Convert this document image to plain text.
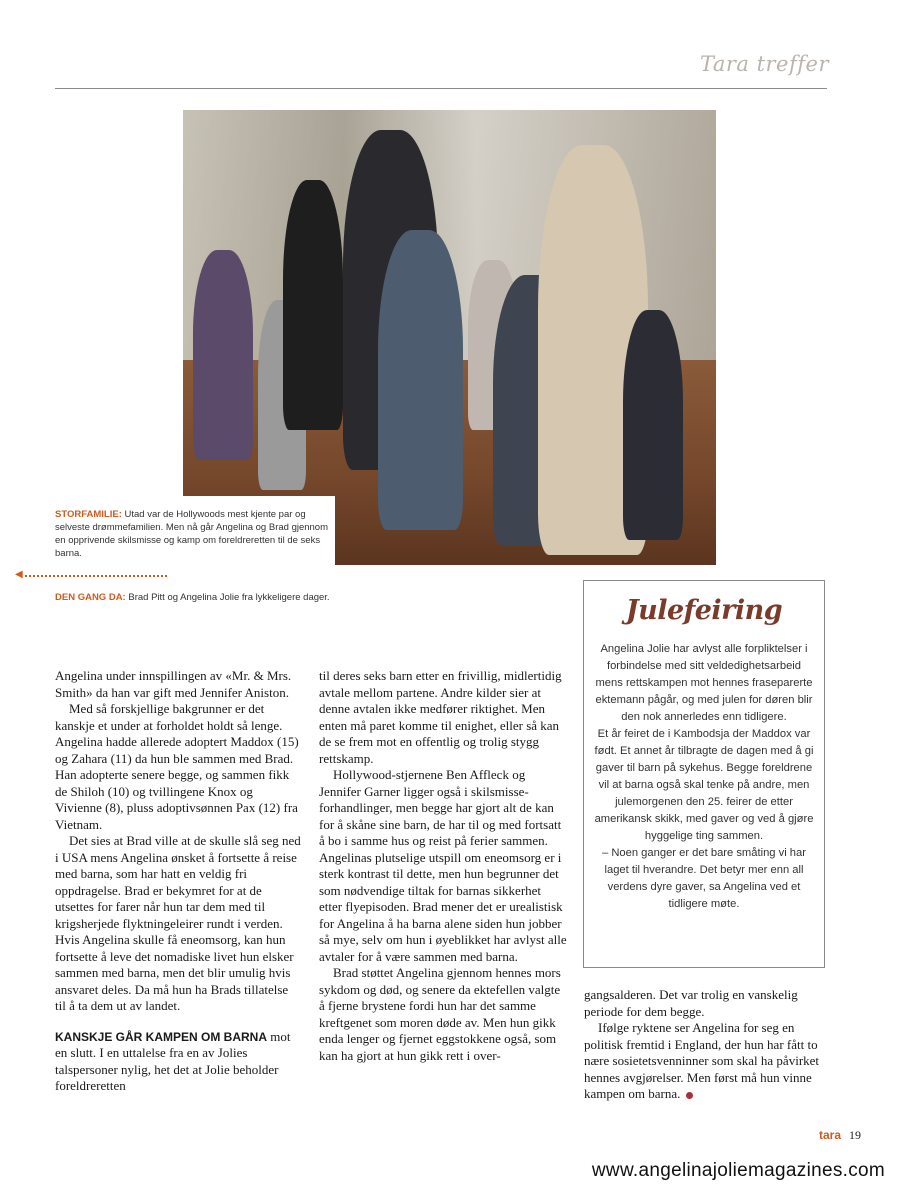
Tara treffer
STORFAMILIE: Utad var de Hollywoods mest kjente par og selveste drømmefamilien. Men nå går Angelina og Brad gjennom en opprivende skilsmisse og kamp om foreldreretten til de seks barna.
◀
DEN GANG DA: Brad Pitt og Angelina Jolie fra lykkeligere dager.	Julefeiring

Angelina Jolie har avlyst alle forpliktelser i forbindelse med sitt veldedighetsarbeid mens rettskampen mot hennes fraseparerte ektemann pågår, og med julen for døren blir den nok annerledes enn tidligere.

Et år feiret de i Kambodsja der Maddox var født. Et annet år tilbragte de dagen med å gi gaver til barn på sykehus. Begge foreldrene vil at barna også skal tenke på andre, men julemorgenen den 25. feirer de etter amerikansk skikk, med gaver og ved å gjøre hyggelige ting sammen.

– Noen ganger er det bare småting vi har laget til hverandre. Det betyr mer enn all verdens dyre gaver, sa Angelina ved et tidligere møte.

Angelina under innspillingen av «Mr. & Mrs. Smith» da han var gift med Jennifer Aniston.

Med så forskjellige bakgrunner er det kanskje et under at forholdet holdt så lenge. Angelina hadde allerede adoptert Maddox (15) og Zahara (11) da hun ble sammen med Brad. Han adopterte senere begge, og sammen fikk de Shiloh (10) og tvillingene Knox og Vivienne (8), pluss adoptivsønnen Pax (12) fra Vietnam.

Det sies at Brad ville at de skulle slå seg ned i USA mens Angelina ønsket å fortsette å reise med barna, som har hatt en veldig fri oppdragelse. Brad er bekymret for at de utsettes for farer når hun tar dem med til krigsherjede flyktningeleirer rundt i verden. Hvis Angelina skulle få eneomsorg, kan hun fortsette å leve det nomadiske livet hun elsker sammen med barna, men det blir umulig hvis ansvaret deles. Da må hun ha Brads tillatelse til å ta dem ut av landet.

KANSKJE GÅR KAMPEN OM BARNA mot en slutt. I en uttalelse fra en av Jolies talspersoner nylig, het det at Jolie beholder foreldreretten

til deres seks barn etter en frivillig, midlertidig avtale mellom partene. Andre kilder sier at denne avtalen ikke medfører riktighet. Men enten må paret komme til enighet, eller så kan de se frem mot en offentlig og trolig stygg rettskamp.

Hollywood-stjernene Ben Affleck og Jennifer Garner ligger også i skilsmisse-forhandlinger, men begge har gjort alt de kan for å skåne sine barn, de har til og med fortsatt å bo i samme hus og reist på ferier sammen. Angelinas plutselige utspill om eneomsorg er i sterk kontrast til dette, men hun begrunner det som nødvendige tiltak for barnas sikkerhet etter flyepisoden. Brad mener det er urealistisk for Angelina å ha barna alene siden hun jobber så mye, selv om hun i øyeblikket har avlyst alle avtaler for å være sammen med barna.

Brad støttet Angelina gjennom hennes mors sykdom og død, og senere da ektefellen valgte å fjerne brystene fordi hun har det samme kreftgenet som moren døde av. Men hun gikk enda lenger og fjernet eggstokkene også, som kan ha gjort at hun gikk rett i over-

gangsalderen. Det var trolig en vanskelig periode for dem begge.

Ifølge ryktene ser Angelina for seg en politisk fremtid i England, der hun har fått to nære sosietetsvenninner som skal ha påvirket hennes avgjørelser. Men først må hun vinne kampen om barna.

tara 19
www.angelinajoliemagazines.com
